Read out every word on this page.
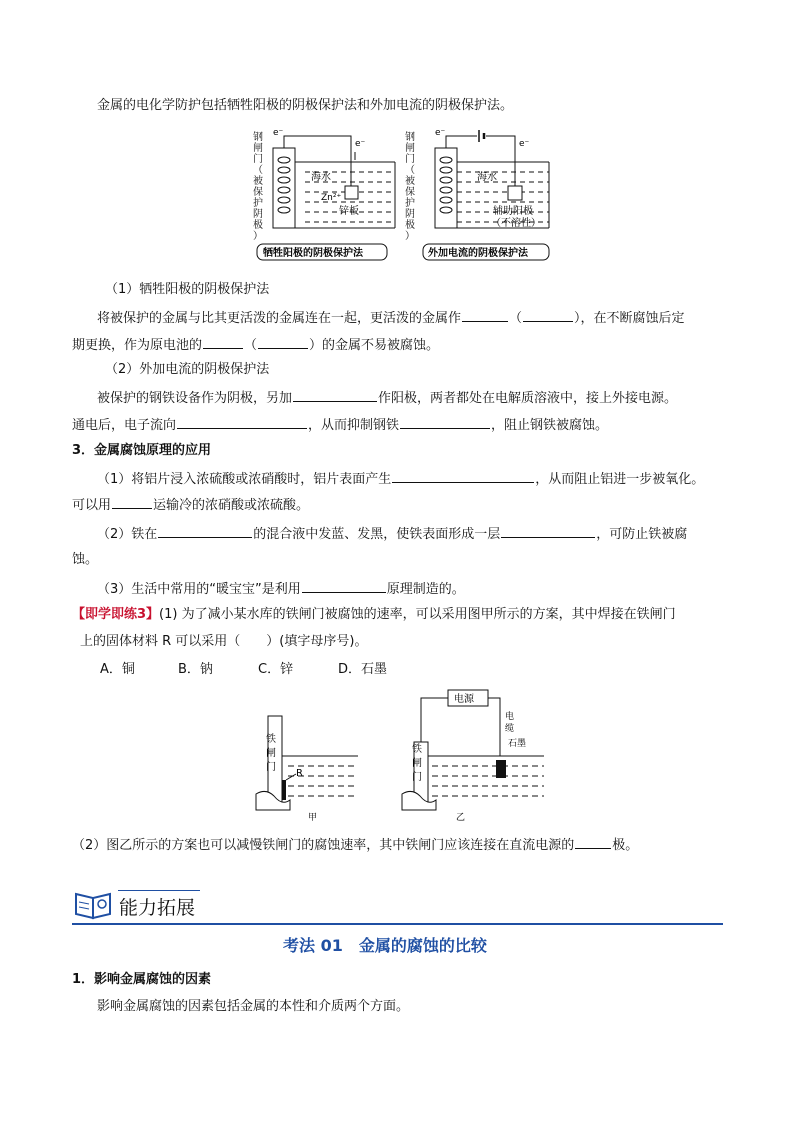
金属的电化学防护包括牺牲阳极的阴极保护法和外加电流的阴极保护法。
钢
闸
门
（
被
保
护
阴
极
）
e⁻
e⁻
海水
Zn²⁺
锌板
牺牲阳极的阴极保护法
钢
闸
门
（
被
保
护
阴
极
）
e⁻
e⁻
海水
辅助阳极
（不溶性）
外加电流的阴极保护法
（1）牺牲阳极的阴极保护法
将被保护的金属与比其更活泼的金属连在一起，更活泼的金属作	（	），在不断腐蚀后定
期更换，作为原电池的	（	）的金属不易被腐蚀。
（2）外加电流的阴极保护法
被保护的钢铁设备作为阴极，另加	作阳极，两者都处在电解质溶液中，接上外接电源。
通电后，电子流向	，从而抑制钢铁	，阻止钢铁被腐蚀。
3．金属腐蚀原理的应用
（1）将铝片浸入浓硫酸或浓硝酸时，铝片表面产生	，从而阻止铝进一步被氧化。
可以用	运输冷的浓硝酸或浓硫酸。
（2）铁在	的混合液中发蓝、发黑，使铁表面形成一层	，可防止铁被腐
蚀。
（3）生活中常用的“暖宝宝”是利用	原理制造的。
【即学即练3】(1) 为了减小某水库的铁闸门被腐蚀的速率，可以采用图甲所示的方案，其中焊接在铁闸门
上的固体材料 R 可以采用（　　）(填字母序号)。
A．铜	B．钠	C．锌	D．石墨
铁
闸
门
R
甲
铁
闸
门
电源
电
缆
石墨
乙
（2）图乙所示的方案也可以减慢铁闸门的腐蚀速率，其中铁闸门应该连接在直流电源的	极。
能力拓展
考法 01　金属的腐蚀的比较
1．影响金属腐蚀的因素
影响金属腐蚀的因素包括金属的本性和介质两个方面。
